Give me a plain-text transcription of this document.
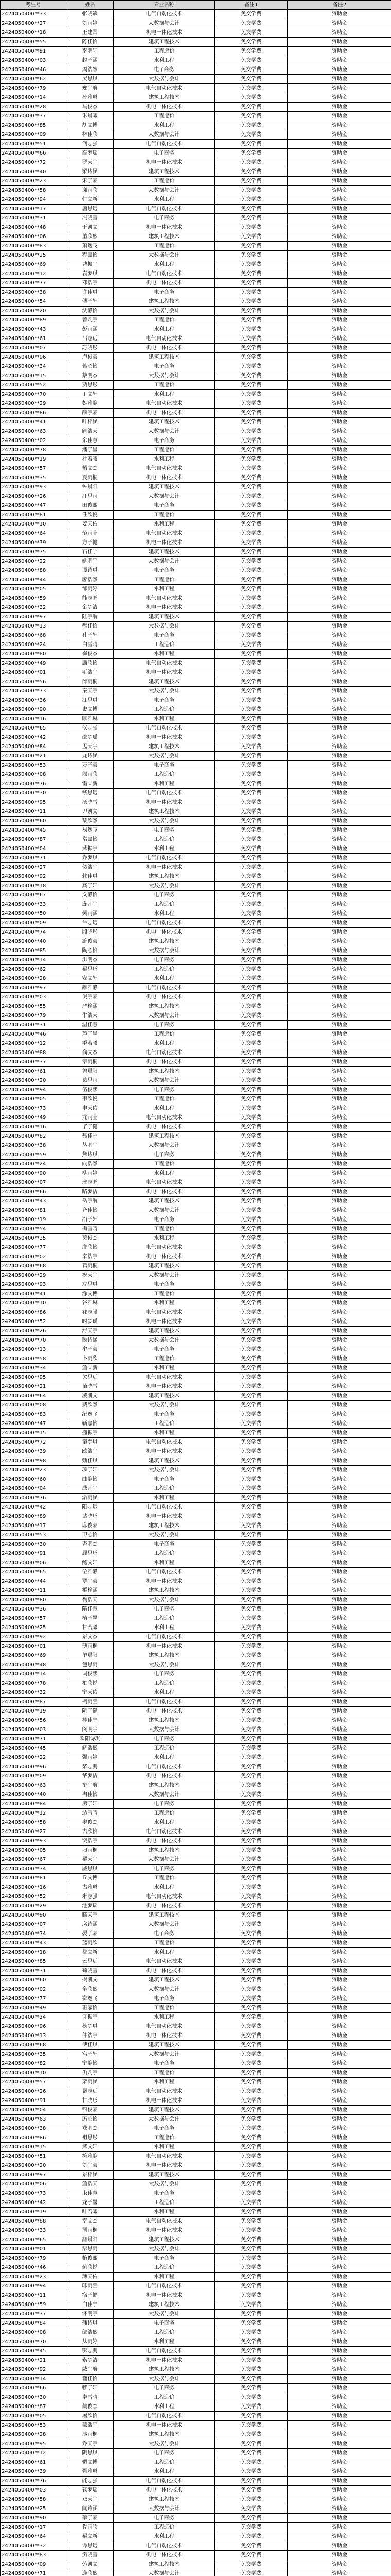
考生号	姓名	专业名称	备注1	备注2
2424050400**33	张晓斌	电气自动化技术	免交学费	资助金
2424050400**27	刘雨婷	大数据与会计	免交学费	资助金
2424050400**18	王建国	机电一体化技术	免交学费	资助金
2424050400**55	陈佳怡	建筑工程技术	免交学费	资助金
2424050400**91	李明轩	工程造价	免交学费	资助金
2424050400**03	赵子涵	水利工程	免交学费	资助金
2424050400**46	周浩然	电子商务	免交学费	资助金
2424050400**62	吴思琪	大数据与会计	免交学费	资助金
2424050400**79	郑宇航	电气自动化技术	免交学费	资助金
2424050400**14	孙雅琳	建筑工程技术	免交学费	资助金
2424050400**28	马俊杰	机电一体化技术	免交学费	资助金
2424050400**37	朱晨曦	工程造价	免交学费	资助金
2424050400**85	胡文博	水利工程	免交学费	资助金
2424050400**09	林佳欣	大数据与会计	免交学费	资助金
2424050400**51	何志强	电气自动化技术	免交学费	资助金
2424050400**66	高梦瑶	电子商务	免交学费	资助金
2424050400**72	罗天宇	机电一体化技术	免交学费	资助金
2424050400**40	梁诗涵	建筑工程技术	免交学费	资助金
2424050400**23	宋子豪	工程造价	免交学费	资助金
2424050400**58	谢雨欣	大数据与会计	免交学费	资助金
2424050400**94	韩立新	水利工程	免交学费	资助金
2424050400**17	唐思远	电气自动化技术	免交学费	资助金
2424050400**31	冯晓雪	电子商务	免交学费	资助金
2424050400**48	于凯文	机电一体化技术	免交学费	资助金
2424050400**06	董欣然	建筑工程技术	免交学费	资助金
2424050400**83	萧逸飞	工程造价	免交学费	资助金
2424050400**25	程嘉怡	大数据与会计	免交学费	资助金
2424050400**69	曹振宇	水利工程	免交学费	资助金
2424050400**12	袁梦琪	电气自动化技术	免交学费	资助金
2424050400**77	邓浩宇	机电一体化技术	免交学费	资助金
2424050400**38	许佳琪	电子商务	免交学费	资助金
2424050400**54	傅子轩	建筑工程技术	免交学费	资助金
2424050400**20	沈静怡	大数据与会计	免交学费	资助金
2424050400**89	曾凡宇	工程造价	免交学费	资助金
2424050400**43	彭雨涵	水利工程	免交学费	资助金
2424050400**61	吕志远	电气自动化技术	免交学费	资助金
2424050400**07	苏晓彤	机电一体化技术	免交学费	资助金
2424050400**96	卢俊豪	建筑工程技术	免交学费	资助金
2424050400**34	蒋心怡	电子商务	免交学费	资助金
2424050400**15	蔡明杰	大数据与会计	免交学费	资助金
2424050400**52	贾思彤	工程造价	免交学费	资助金
2424050400**70	丁文轩	水利工程	免交学费	资助金
2424050400**29	魏雅静	电气自动化技术	免交学费	资助金
2424050400**86	薛宇豪	机电一体化技术	免交学费	资助金
2424050400**41	叶梓涵	建筑工程技术	免交学费	资助金
2424050400**63	阎浩天	大数据与会计	免交学费	资助金
2424050400**02	余佳慧	电子商务	免交学费	资助金
2424050400**78	潘子墨	工程造价	免交学费	资助金
2424050400**19	杜若曦	水利工程	免交学费	资助金
2424050400**57	戴文杰	电气自动化技术	免交学费	资助金
2424050400**35	夏雨桐	机电一体化技术	免交学费	资助金
2424050400**93	钟晨阳	建筑工程技术	免交学费	资助金
2424050400**26	汪思雨	大数据与会计	免交学费	资助金
2424050400**47	田俊熙	电子商务	免交学费	资助金
2424050400**81	任欣悦	工程造价	免交学费	资助金
2424050400**10	姜天佑	水利工程	免交学费	资助金
2424050400**64	范雨萱	电气自动化技术	免交学费	资助金
2424050400**39	方子健	机电一体化技术	免交学费	资助金
2424050400**75	石佳宁	建筑工程技术	免交学费	资助金
2424050400**22	姚明宇	大数据与会计	免交学费	资助金
2424050400**88	谭诗琪	电子商务	免交学费	资助金
2424050400**44	廖浩然	工程造价	免交学费	资助金
2424050400**05	邹雨婷	水利工程	免交学费	资助金
2424050400**59	熊志鹏	电气自动化技术	免交学费	资助金
2424050400**32	金梦洁	机电一体化技术	免交学费	资助金
2424050400**97	陆宇航	建筑工程技术	免交学费	资助金
2424050400**13	郝佳怡	大数据与会计	免交学费	资助金
2424050400**68	孔子轩	电子商务	免交学费	资助金
2424050400**24	白雪晴	工程造价	免交学费	资助金
2424050400**80	崔俊杰	水利工程	免交学费	资助金
2424050400**49	康欣怡	电气自动化技术	免交学费	资助金
2424050400**01	毛浩宇	机电一体化技术	免交学费	资助金
2424050400**56	邱雨桐	建筑工程技术	免交学费	资助金
2424050400**73	秦天宇	大数据与会计	免交学费	资助金
2424050400**36	江思琪	电子商务	免交学费	资助金
2424050400**90	史文博	工程造价	免交学费	资助金
2424050400**16	顾雅琳	水利工程	免交学费	资助金
2424050400**65	侯志强	电气自动化技术	免交学费	资助金
2424050400**42	邵梦瑶	机电一体化技术	免交学费	资助金
2424050400**84	孟天宇	建筑工程技术	免交学费	资助金
2424050400**21	龙诗涵	大数据与会计	免交学费	资助金
2424050400**53	万子豪	电子商务	免交学费	资助金
2424050400**08	段雨欣	工程造价	免交学费	资助金
2424050400**76	雷立新	水利工程	免交学费	资助金
2424050400**30	钱思远	电气自动化技术	免交学费	资助金
2424050400**95	汤晓雪	机电一体化技术	免交学费	资助金
2424050400**11	尹凯文	建筑工程技术	免交学费	资助金
2424050400**60	黎欣然	大数据与会计	免交学费	资助金
2424050400**45	易逸飞	电子商务	免交学费	资助金
2424050400**87	常嘉怡	工程造价	免交学费	资助金
2424050400**04	武振宇	水利工程	免交学费	资助金
2424050400**71	乔梦琪	电气自动化技术	免交学费	资助金
2424050400**27	贺浩宇	机电一体化技术	免交学费	资助金
2424050400**92	赖佳琪	建筑工程技术	免交学费	资助金
2424050400**18	龚子轩	大数据与会计	免交学费	资助金
2424050400**67	文静怡	电子商务	免交学费	资助金
2424050400**33	庞凡宇	工程造价	免交学费	资助金
2424050400**50	樊雨涵	水利工程	免交学费	资助金
2424050400**09	兰志远	电气自动化技术	免交学费	资助金
2424050400**74	殷晓彤	机电一体化技术	免交学费	资助金
2424050400**40	施俊豪	建筑工程技术	免交学费	资助金
2424050400**85	陶心怡	大数据与会计	免交学费	资助金
2424050400**14	洪明杰	电子商务	免交学费	资助金
2424050400**62	翟思彤	工程造价	免交学费	资助金
2424050400**28	安文轩	水利工程	免交学费	资助金
2424050400**97	颜雅静	电气自动化技术	免交学费	资助金
2424050400**03	倪宇豪	机电一体化技术	免交学费	资助金
2424050400**55	严梓涵	建筑工程技术	免交学费	资助金
2424050400**79	牛浩天	大数据与会计	免交学费	资助金
2424050400**31	温佳慧	电子商务	免交学费	资助金
2424050400**46	芦子墨	工程造价	免交学费	资助金
2424050400**12	季若曦	水利工程	免交学费	资助金
2424050400**88	俞文杰	电气自动化技术	免交学费	资助金
2424050400**37	章雨桐	机电一体化技术	免交学费	资助金
2424050400**61	鲁晨阳	建筑工程技术	免交学费	资助金
2424050400**20	葛思雨	大数据与会计	免交学费	资助金
2424050400**94	伍俊熙	电子商务	免交学费	资助金
2424050400**05	韦欣悦	工程造价	免交学费	资助金
2424050400**73	申天佑	水利工程	免交学费	资助金
2424050400**49	尤雨萱	电气自动化技术	免交学费	资助金
2424050400**16	毕子健	机电一体化技术	免交学费	资助金
2424050400**82	聂佳宁	建筑工程技术	免交学费	资助金
2424050400**38	丛明宇	大数据与会计	免交学费	资助金
2424050400**59	焦诗琪	电子商务	免交学费	资助金
2424050400**24	向浩然	工程造价	免交学费	资助金
2424050400**90	柳雨婷	水利工程	免交学费	资助金
2424050400**07	邢志鹏	电气自动化技术	免交学费	资助金
2424050400**66	路梦洁	机电一体化技术	免交学费	资助金
2424050400**43	岳宇航	建筑工程技术	免交学费	资助金
2424050400**81	齐佳怡	大数据与会计	免交学费	资助金
2424050400**19	沿子轩	电子商务	免交学费	资助金
2424050400**54	梅雪晴	工程造价	免交学费	资助金
2424050400**35	莫俊杰	水利工程	免交学费	资助金
2424050400**77	庄欣怡	电气自动化技术	免交学费	资助金
2424050400**02	辛浩宇	机电一体化技术	免交学费	资助金
2424050400**68	管雨桐	建筑工程技术	免交学费	资助金
2424050400**29	祝天宇	大数据与会计	免交学费	资助金
2424050400**93	左思琪	电子商务	免交学费	资助金
2424050400**41	涂文博	工程造价	免交学费	资助金
2424050400**10	谷雅琳	水利工程	免交学费	资助金
2424050400**86	祁志强	电气自动化技术	免交学费	资助金
2424050400**52	时梦瑶	机电一体化技术	免交学费	资助金
2424050400**26	舒天宇	建筑工程技术	免交学费	资助金
2424050400**70	耿诗涵	大数据与会计	免交学费	资助金
2424050400**13	牟子豪	电子商务	免交学费	资助金
2424050400**58	卜雨欣	工程造价	免交学费	资助金
2424050400**34	詹立新	水利工程	免交学费	资助金
2424050400**95	关思远	电气自动化技术	免交学费	资助金
2424050400**21	苗晓雪	机电一体化技术	免交学费	资助金
2424050400**64	凌凯文	建筑工程技术	免交学费	资助金
2424050400**08	费欣然	大数据与会计	免交学费	资助金
2424050400**83	纪逸飞	电子商务	免交学费	资助金
2424050400**47	靳嘉怡	工程造价	免交学费	资助金
2424050400**15	盛振宇	水利工程	免交学费	资助金
2424050400**72	童梦琪	电气自动化技术	免交学费	资助金
2424050400**39	欧浩宇	机电一体化技术	免交学费	资助金
2424050400**98	甄佳琪	建筑工程技术	免交学费	资助金
2424050400**23	项子轩	大数据与会计	免交学费	资助金
2424050400**60	曲静怡	电子商务	免交学费	资助金
2424050400**04	成凡宇	工程造价	免交学费	资助金
2424050400**76	游雨涵	水利工程	免交学费	资助金
2424050400**42	阳志远	电气自动化技术	免交学费	资助金
2424050400**89	裴晓彤	机电一体化技术	免交学费	资助金
2424050400**17	席俊豪	建筑工程技术	免交学费	资助金
2424050400**53	卫心怡	大数据与会计	免交学费	资助金
2424050400**30	查明杰	电子商务	免交学费	资助金
2424050400**91	屈思彤	工程造价	免交学费	资助金
2424050400**06	鲍文轩	水利工程	免交学费	资助金
2424050400**65	位雅静	电气自动化技术	免交学费	资助金
2424050400**44	覃宇豪	机电一体化技术	免交学费	资助金
2424050400**11	霍梓涵	建筑工程技术	免交学费	资助金
2424050400**80	翁浩天	大数据与会计	免交学费	资助金
2424050400**36	隋佳慧	电子商务	免交学费	资助金
2424050400**57	植子墨	工程造价	免交学费	资助金
2424050400**25	甘若曦	水利工程	免交学费	资助金
2424050400**92	景文杰	电气自动化技术	免交学费	资助金
2424050400**01	薄雨桐	机电一体化技术	免交学费	资助金
2424050400**69	单晨阳	建筑工程技术	免交学费	资助金
2424050400**48	包思雨	大数据与会计	免交学费	资助金
2424050400**14	司俊熙	电子商务	免交学费	资助金
2424050400**78	柏欣悦	工程造价	免交学费	资助金
2424050400**32	宁天佑	水利工程	免交学费	资助金
2424050400**87	柯雨萱	电气自动化技术	免交学费	资助金
2424050400**19	阮子健	机电一体化技术	免交学费	资助金
2424050400**56	桂佳宁	建筑工程技术	免交学费	资助金
2424050400**03	闵明宇	大数据与会计	免交学费	资助金
2424050400**71	欧阳诗琪	电子商务	免交学费	资助金
2424050400**45	解浩然	工程造价	免交学费	资助金
2424050400**22	强雨婷	水利工程	免交学费	资助金
2424050400**96	柴志鹏	电气自动化技术	免交学费	资助金
2424050400**09	华梦洁	机电一体化技术	免交学费	资助金
2424050400**63	车宇航	建筑工程技术	免交学费	资助金
2424050400**40	冉佳怡	大数据与会计	免交学费	资助金
2424050400**84	房子轩	电子商务	免交学费	资助金
2424050400**12	边雪晴	工程造价	免交学费	资助金
2424050400**58	辜俊杰	水利工程	免交学费	资助金
2424050400**27	吉欣怡	电气自动化技术	免交学费	资助金
2424050400**93	饶浩宇	机电一体化技术	免交学费	资助金
2424050400**05	刁雨桐	建筑工程技术	免交学费	资助金
2424050400**67	瞿天宇	大数据与会计	免交学费	资助金
2424050400**34	戚思琪	电子商务	免交学费	资助金
2424050400**81	丘文博	工程造价	免交学费	资助金
2424050400**16	古雅琳	水利工程	免交学费	资助金
2424050400**52	米志强	电气自动化技术	免交学费	资助金
2424050400**29	池梦瑶	机电一体化技术	免交学费	资助金
2424050400**90	滕天宇	建筑工程技术	免交学费	资助金
2424050400**07	房诗涵	大数据与会计	免交学费	资助金
2424050400**74	晏子豪	电子商务	免交学费	资助金
2424050400**43	蓝雨欣	工程造价	免交学费	资助金
2424050400**18	都立新	水利工程	免交学费	资助金
2424050400**85	云思远	电气自动化技术	免交学费	资助金
2424050400**31	苟晓雪	机电一体化技术	免交学费	资助金
2424050400**60	揭凯文	建筑工程技术	免交学费	资助金
2424050400**02	全欣然	大数据与会计	免交学费	资助金
2424050400**77	郗逸飞	电子商务	免交学费	资助金
2424050400**49	班嘉怡	工程造价	免交学费	资助金
2424050400**24	仰振宇	水利工程	免交学费	资助金
2424050400**96	秋梦琪	电气自动化技术	免交学费	资助金
2424050400**13	仲浩宇	机电一体化技术	免交学费	资助金
2424050400**68	伊佳琪	建筑工程技术	免交学费	资助金
2424050400**35	宫子轩	大数据与会计	免交学费	资助金
2424050400**82	宁静怡	电子商务	免交学费	资助金
2424050400**10	仇凡宇	工程造价	免交学费	资助金
2424050400**57	栾雨涵	水利工程	免交学费	资助金
2424050400**26	暴志远	电气自动化技术	免交学费	资助金
2424050400**91	甘晓彤	机电一体化技术	免交学费	资助金
2424050400**04	钭俊豪	建筑工程技术	免交学费	资助金
2424050400**63	厉心怡	大数据与会计	免交学费	资助金
2424050400**38	戎明杰	电子商务	免交学费	资助金
2424050400**86	祖思彤	工程造价	免交学费	资助金
2424050400**15	武文轩	水利工程	免交学费	资助金
2424050400**51	符雅静	电气自动化技术	免交学费	资助金
2424050400**20	刘宇豪	机电一体化技术	免交学费	资助金
2424050400**97	景梓涵	建筑工程技术	免交学费	资助金
2424050400**06	詹浩天	大数据与会计	免交学费	资助金
2424050400**73	束佳慧	电子商务	免交学费	资助金
2424050400**42	龙子墨	工程造价	免交学费	资助金
2424050400**19	叶若曦	水利工程	免交学费	资助金
2424050400**88	幸文杰	电气自动化技术	免交学费	资助金
2424050400**33	司雨桐	机电一体化技术	免交学费	资助金
2424050400**65	韶晨阳	建筑工程技术	免交学费	资助金
2424050400**01	郜思雨	大数据与会计	免交学费	资助金
2424050400**79	黎俊熙	电子商务	免交学费	资助金
2424050400**46	蓟欣悦	工程造价	免交学费	资助金
2424050400**23	薄天佑	水利工程	免交学费	资助金
2424050400**94	印雨萱	电气自动化技术	免交学费	资助金
2424050400**11	宿子健	机电一体化技术	免交学费	资助金
2424050400**59	白佳宁	建筑工程技术	免交学费	资助金
2424050400**37	怀明宇	大数据与会计	免交学费	资助金
2424050400**84	蒲诗琪	电子商务	免交学费	资助金
2424050400**08	邰浩然	工程造价	免交学费	资助金
2424050400**70	从雨婷	水利工程	免交学费	资助金
2424050400**45	鄂志鹏	电气自动化技术	免交学费	资助金
2424050400**21	索梦洁	机电一体化技术	免交学费	资助金
2424050400**92	咸宇航	建筑工程技术	免交学费	资助金
2424050400**14	籍佳怡	大数据与会计	免交学费	资助金
2424050400**66	赖子轩	电子商务	免交学费	资助金
2424050400**30	卓雪晴	工程造价	免交学费	资助金
2424050400**87	蔺俊杰	水利工程	免交学费	资助金
2424050400**05	屠欣怡	电气自动化技术	免交学费	资助金
2424050400**53	蒙浩宇	机电一体化技术	免交学费	资助金
2424050400**28	池雨桐	建筑工程技术	免交学费	资助金
2424050400**95	乔天宇	大数据与会计	免交学费	资助金
2424050400**12	阴思琪	电子商务	免交学费	资助金
2424050400**61	鬱文博	工程造价	免交学费	资助金
2424050400**39	胥雅琳	水利工程	免交学费	资助金
2424050400**76	能志强	电气自动化技术	免交学费	资助金
2424050400**03	苍梦瑶	机电一体化技术	免交学费	资助金
2424050400**58	双天宇	建筑工程技术	免交学费	资助金
2424050400**25	闻诗涵	大数据与会计	免交学费	资助金
2424050400**90	莘子豪	电子商务	免交学费	资助金
2424050400**17	党雨欣	工程造价	免交学费	资助金
2424050400**64	翟立新	水利工程	免交学费	资助金
2424050400**32	谭思远	电气自动化技术	免交学费	资助金
2424050400**83	贡晓雪	机电一体化技术	免交学费	资助金
2424050400**09	劳凯文	建筑工程技术	免交学费	资助金
2424050400**71	逄欣然	大数据与会计	免交学费	资助金
